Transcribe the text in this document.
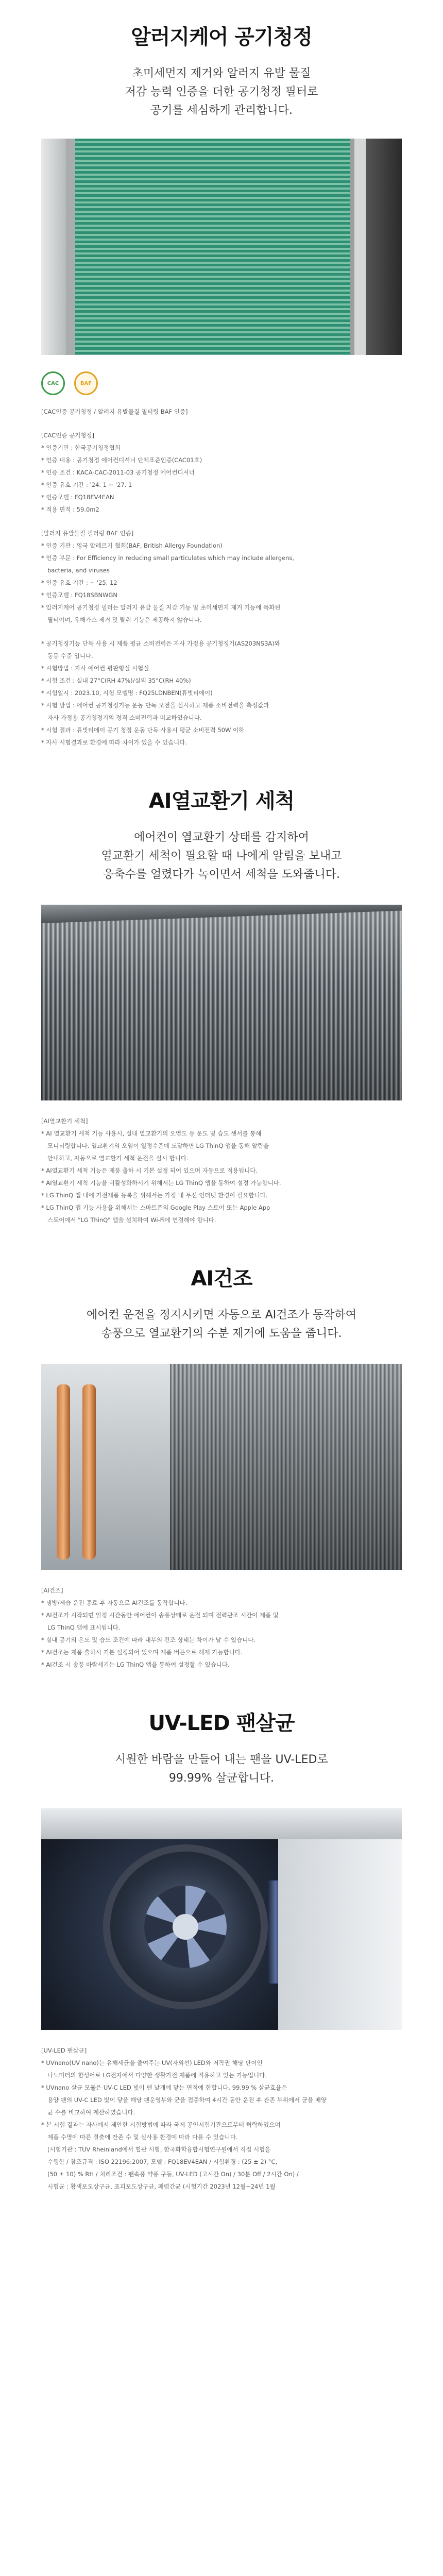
알러지케어 공기청정
초미세먼지 제거와 알러지 유발 물질
저감 능력 인증을 더한 공기청정 필터로
공기를 세심하게 관리합니다.
CAC	BAF
[CAC인증 공기청정 / 알러지 유발물질 필터링 BAF 인증]
[CAC인증 공기청정]
* 인증기관 : 한국공기청정협회
* 인증 내용 : 공기청정 에어컨디셔너 단체표준인증(CAC01호)
* 인증 조건 : KACA-CAC-2011-03 공기청정 에어컨디셔너
* 인증 유효 기간 : '24. 1 ~ '27. 1
* 인증모델 : FQ18EV4EAN
* 적용 면적 : 59.0m2
[알러지 유발물질 필터링 BAF 인증]
* 인증 기관 : 영국 알레르기 협회(BAF, British Allergy Foundation)
* 인증 부문 : For Efficiency in reducing small particulates which may include allergens,
bacteria, and viruses
* 인증 유효 기간 : ~ '25. 12
* 인증모델 : FQ18SBNWGN
* 알러지케어 공기청정 필터는 알러지 유발 물질 저감 기능 및 초미세먼지 제거 기능에 특화된
필터이며, 유해가스 제거 및 탈취 기능은 제공하지 않습니다.
* 공기청정기능 단독 사용 시 제품 평균 소비전력은 자사 가정용 공기청정기(AS203NS3A)와
동등 수준 입니다.
* 시험방법 : 자사 에어컨 평판형실 시험실
* 시험 조건 : 실내 27°C(RH 47%)/실외 35°C(RH 40%)
* 시험일시 : 2023.10, 시험 모델명 : FQ25LDNBEN(튜빗티에이)
* 시험 방법 : 에어컨 공기청정기능 운동 단독 모전을 실시하고 제품 소비전력을 측정값과
자사 가정용 공기청정기의 정격 소비전력과 비교하였습니다.
* 시험 결과 : 튜빗티에이 공기 청정 운동 단독 사용시 평균 소비전력 50W 이하
* 자사 시험결과로 환경에 따라 차이가 있을 수 있습니다.
AI열교환기 세척
에어컨이 열교환기 상태를 감지하여
열교환기 세척이 필요할 때 나에게 알림을 보내고
응축수를 얼렸다가 녹이면서 세척을 도와줍니다.
[AI열교환기 세척]
* AI 열교환기 세척 기능 사용시, 실내 열교환기의 오염도 등 운도 및 습도 센서를 통해
모니터링합니다. 열교환기의 오염이 일정수준에 도달하면 LG ThinQ 앱을 통해 알림을
안내하고, 자동으로 열교환기 세척 운전을 실시 합니다.
* AI열교환기 세척 기능은 제품 출하 시 기본 설정 되어 있으며 자동으로 적용됩니다.
* AI열교환기 세척 기능을 비활성화하시기 위해서는 LG ThinQ 앱을 통하여 설정 가능합니다.
* LG ThinQ 앱 내에 가전제품 등록을 위해서는 가정 내 무선 인터넷 환경이 필요합니다.
* LG ThinQ 앱 기능 사용을 위해서는 스마트폰의 Google Play 스토어 또는 Apple App
스토어에서 "LG ThinQ" 앱을 설치하여 Wi-Fi에 연결해야 합니다.
AI건조
에어컨 운전을 정지시키면 자동으로 AI건조가 동작하여
송풍으로 열교환기의 수분 제거에 도움을 줍니다.
[AI건조]
* 냉방/제습 운전 종료 후 자동으로 AI건조를 동작합니다.
* AI건조가 시작되면 일정 시간동안 에어컨이 송풍상태로 운전 되며 전력관조 시간이 제품 및
LG ThinQ 앱에 표시됩니다.
* 실내 공기의 온도 및 습도 조건에 따라 내부의 건조 상태는 차이가 날 수 있습니다.
* AI건조는 제품 출하시 기본 설정되어 있으며 제품 버튼으로 해제 가능합니다.
* AI건조 시 송풍 바람세기는 LG ThinQ 앱을 통하여 설정할 수 있습니다.
UV-LED 팬살균
시원한 바람을 만들어 내는 팬을 UV-LED로
99.99% 살균합니다.
[UV-LED 팬살균]
* UVnano(UV nano)는 유해세균을 줄여주는 UV(자외선) LED와 저작권 해당 단어인
나노미터의 합성어로 LG전자에서 다양한 생활가전 제품에 적용하고 있는 기능입니다.
* UVnano 살균 모듈은 UV-C LED 빛이 팬 날개에 닿는 면적에 한합니다. 99.99 % 살균효율은
용양 팬의 UV-C LED 빛이 닿을 해당 팬운영부와 균을 접종하여 4시간 동안 운전 후 잔존 부위에서 균을 배양
균 수를 비교하여 계산하였습니다.
* 본 시험 결과는 자사에서 제안한 시험방법에 따라 국제 공인시험기관으로부터 허락하였으며
제품 수명에 따른 결출에 잔존 수 및 실사용 환경에 따라 다를 수 있습니다.
[시험기관 : TUV Rheinland에서 협관 시험, 한국화학융합시험연구원에서 직접 시험을
수행함 / 참조규격 : ISO 22196:2007, 모델 : FQ18EV4EAN / 시험환경 : (25 ± 2) °C,
(50 ± 10) % RH / 처리조건 : 팬속풍 약풍 구동, UV-LED (고시간 On) / 30분 Off / 2시간 On) /
시험균 : 황색포도상구균, 표피포도상구균, 폐렴간균 (시험기간 2023년 12월~24년 1월
